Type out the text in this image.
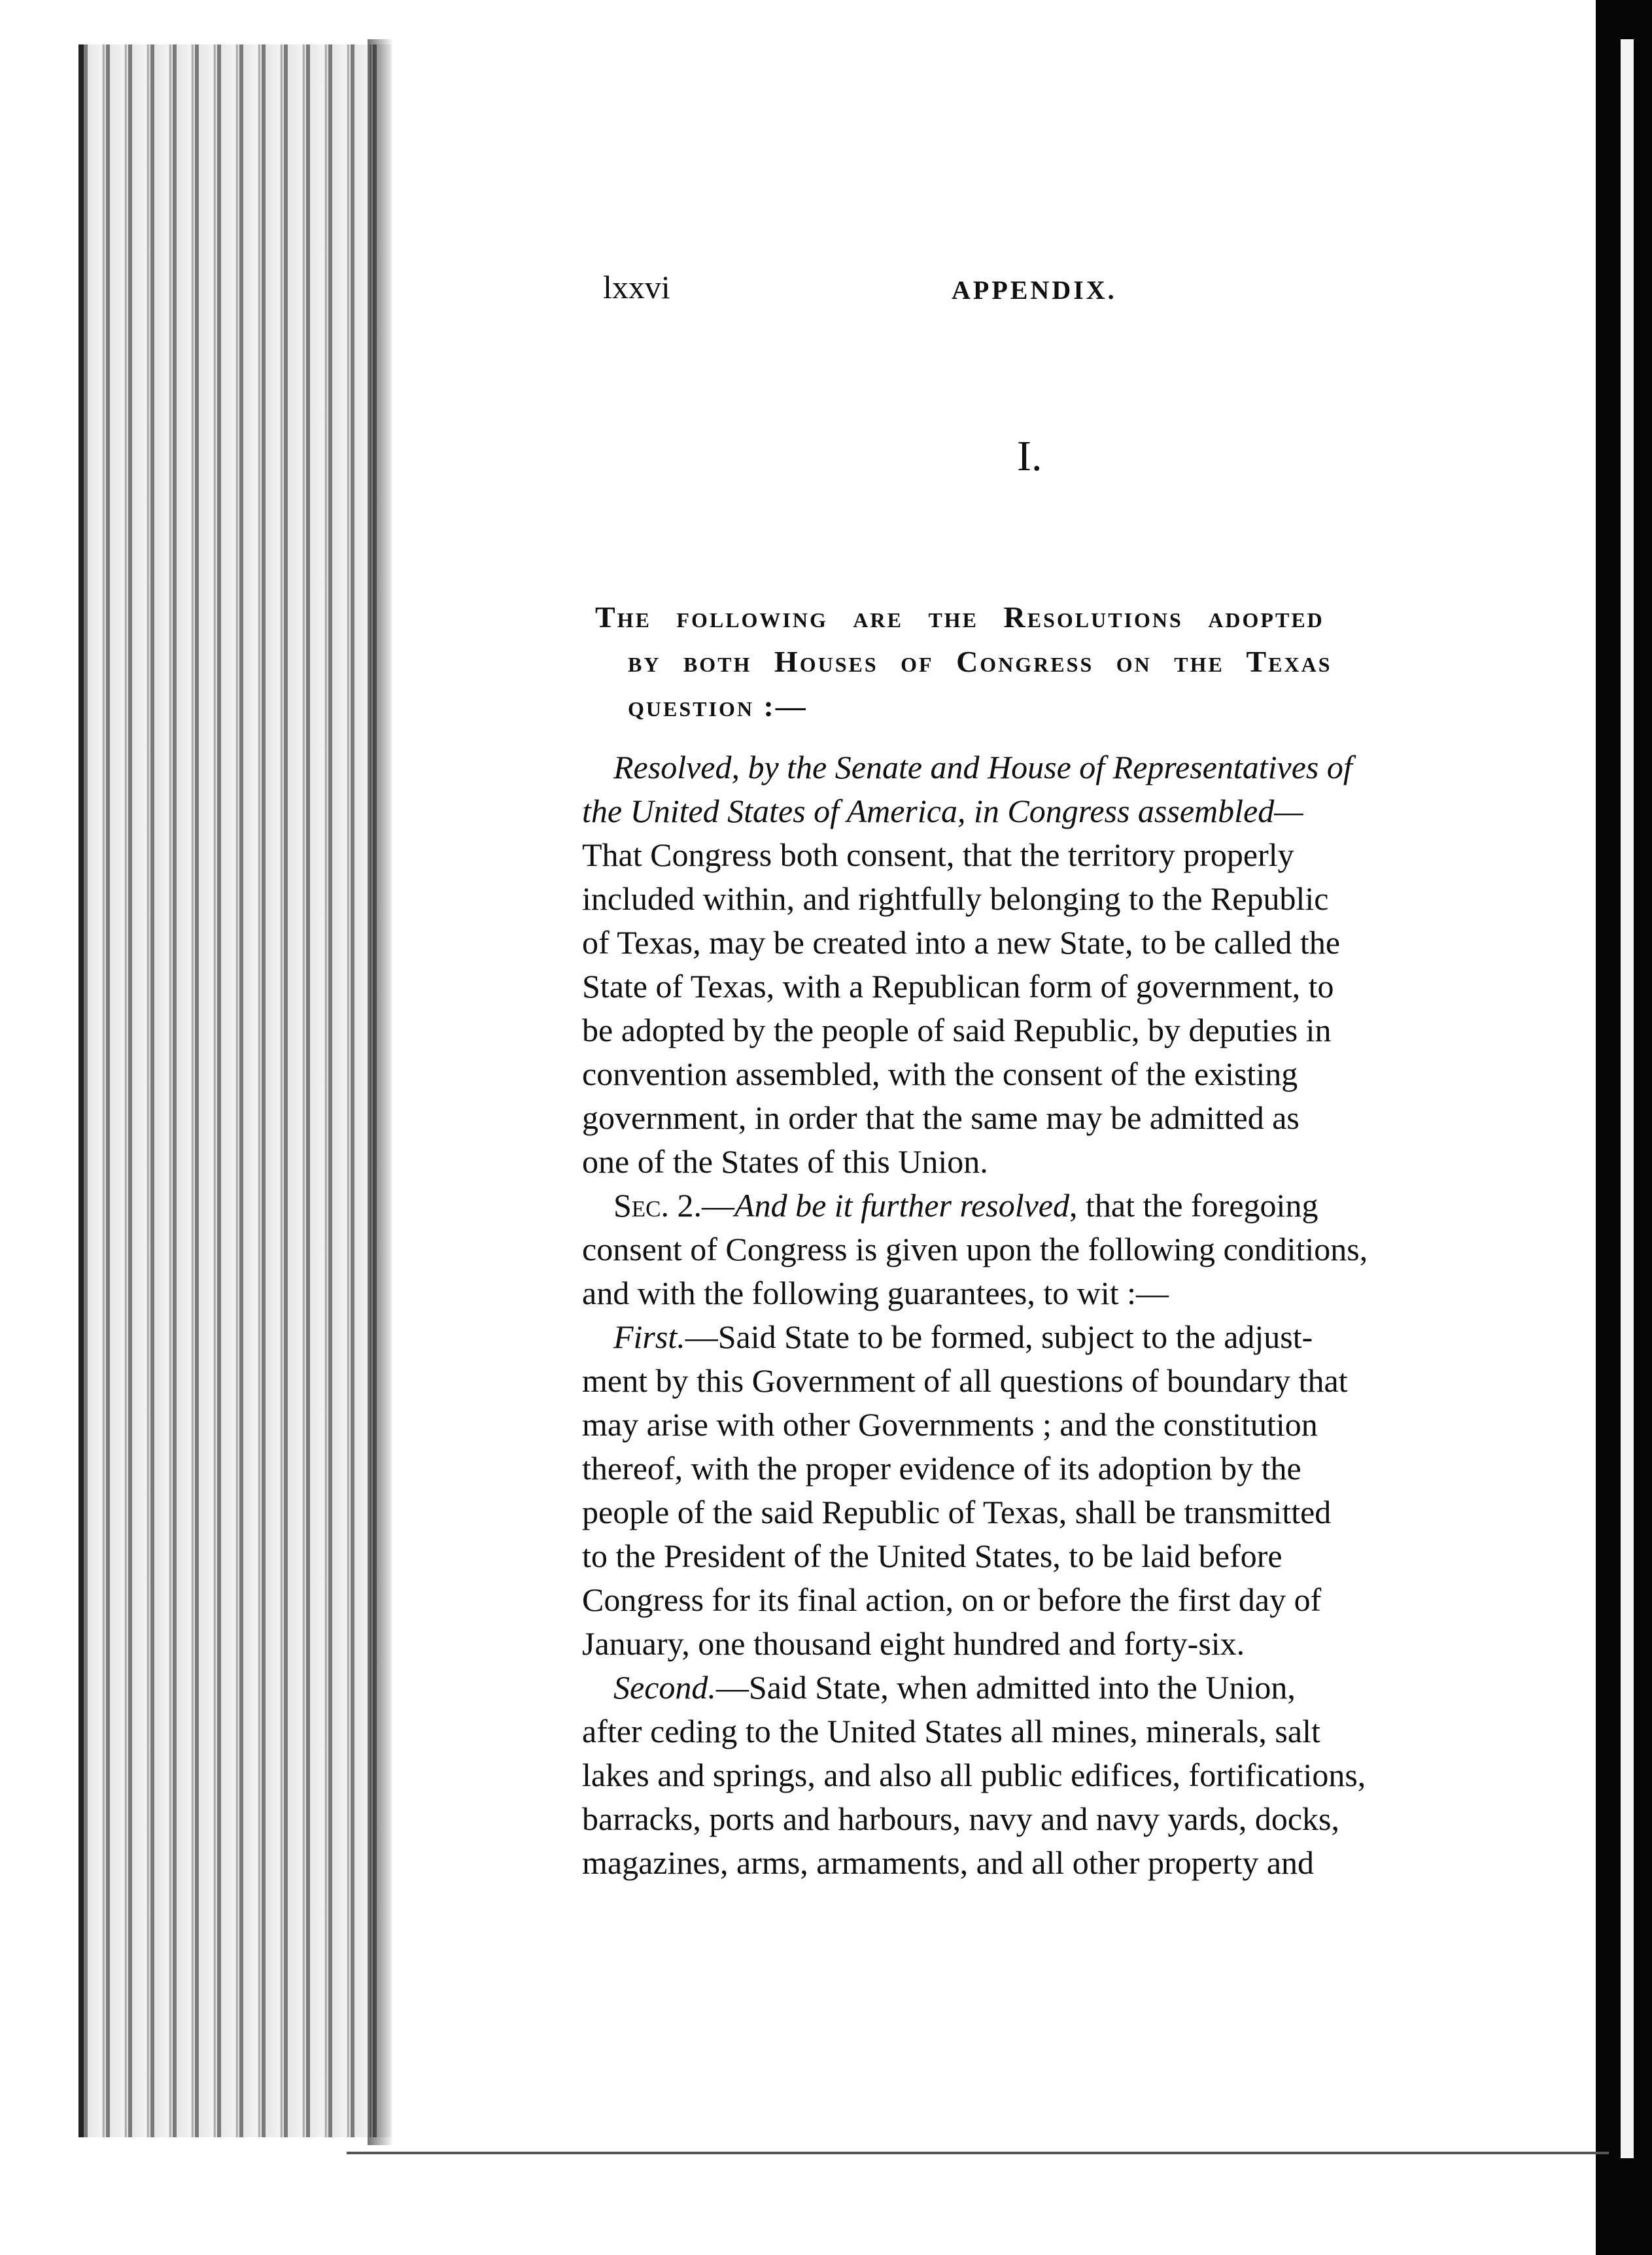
lxxvi	APPENDIX.
I.
The following are the Resolutions adopted
by both Houses of Congress on the Texas
question :—
Resolved, by the Senate and House of Representatives of
the United States of America, in Congress assembled—
That Congress both consent, that the territory properly
included within, and rightfully belonging to the Republic
of Texas, may be created into a new State, to be called the
State of Texas, with a Republican form of government, to
be adopted by the people of said Republic, by deputies in
convention assembled, with the consent of the existing
government, in order that the same may be admitted as
one of the States of this Union.
Sec. 2.—And be it further resolved, that the foregoing
consent of Congress is given upon the following conditions,
and with the following guarantees, to wit :—
First.—Said State to be formed, subject to the adjust-
ment by this Government of all questions of boundary that
may arise with other Governments ; and the constitution
thereof, with the proper evidence of its adoption by the
people of the said Republic of Texas, shall be transmitted
to the President of the United States, to be laid before
Congress for its final action, on or before the first day of
January, one thousand eight hundred and forty-six.
Second.—Said State, when admitted into the Union,
after ceding to the United States all mines, minerals, salt
lakes and springs, and also all public edifices, fortifications,
barracks, ports and harbours, navy and navy yards, docks,
magazines, arms, armaments, and all other property and
